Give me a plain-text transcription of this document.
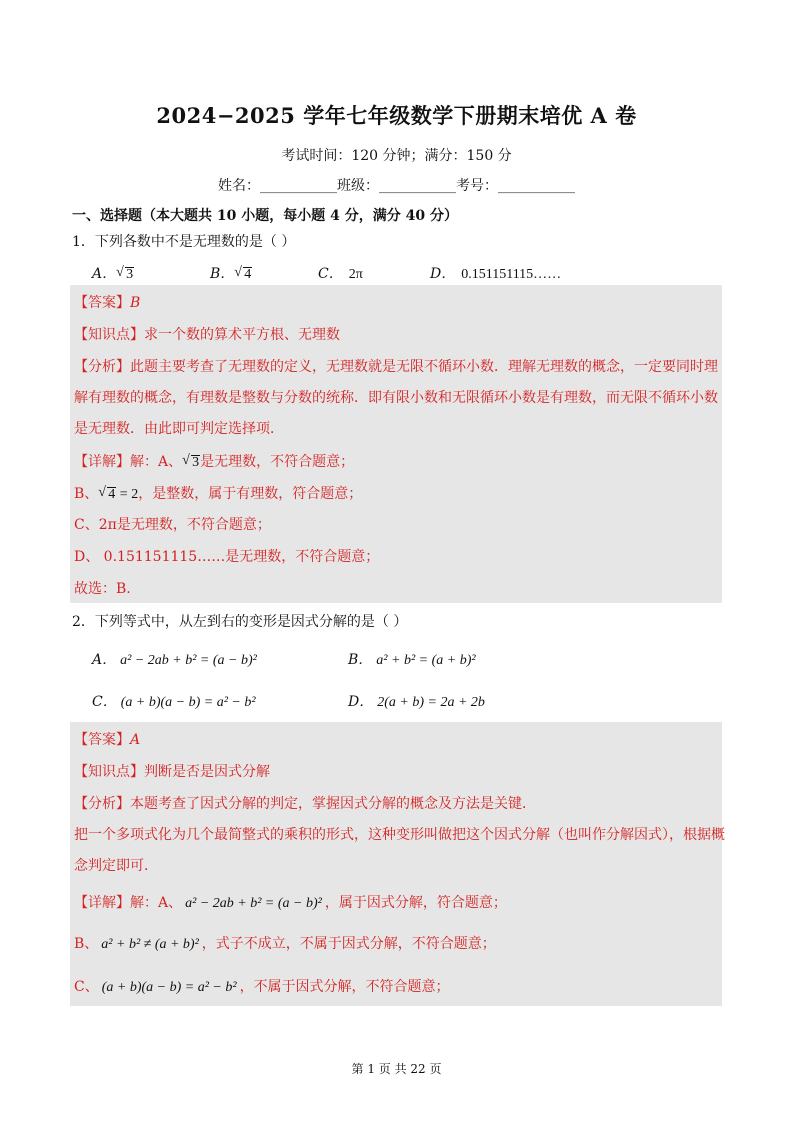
2024−2025 学年七年级数学下册期末培优 A 卷
考试时间：120 分钟；满分：150 分
姓名：___________班级：___________考号：___________
一、选择题（本大题共 10 小题，每小题 4 分，满分 40 分）
1．下列各数中不是无理数的是（ ）
A． √ 3	B． √ 4	C． 2π	D． 0.151151115……
【答案】B
【知识点】求一个数的算术平方根、无理数
【分析】此题主要考查了无理数的定义，无理数就是无限不循环小数．理解无理数的概念，一定要同时理
解有理数的概念，有理数是整数与分数的统称．即有限小数和无限循环小数是有理数，而无限不循环小数
是无理数．由此即可判定选择项．
【详解】解：A、 √ 3是无理数，不符合题意；
B、 √ 4 = 2，是整数，属于有理数，符合题意；
C、2π是无理数，不符合题意；
D、 0.151151115……是无理数，不符合题意；
故选：B.
2．下列等式中，从左到右的变形是因式分解的是（ ）
A． a² − 2ab + b² = (a − b)²	B． a² + b² = (a + b)²
C． (a + b)(a − b) = a² − b²	D． 2(a + b) = 2a + 2b
【答案】A
【知识点】判断是否是因式分解
【分析】本题考查了因式分解的判定，掌握因式分解的概念及方法是关键．
把一个多项式化为几个最简整式的乘积的形式，这种变形叫做把这个因式分解（也叫作分解因式），根据概
念判定即可．
【详解】解：A、 a² − 2ab + b² = (a − b)² ，属于因式分解，符合题意；
B、 a² + b² ≠ (a + b)² ，式子不成立，不属于因式分解，不符合题意；
C、 (a + b)(a − b) = a² − b² ，不属于因式分解，不符合题意；
第 1 页 共 22 页
